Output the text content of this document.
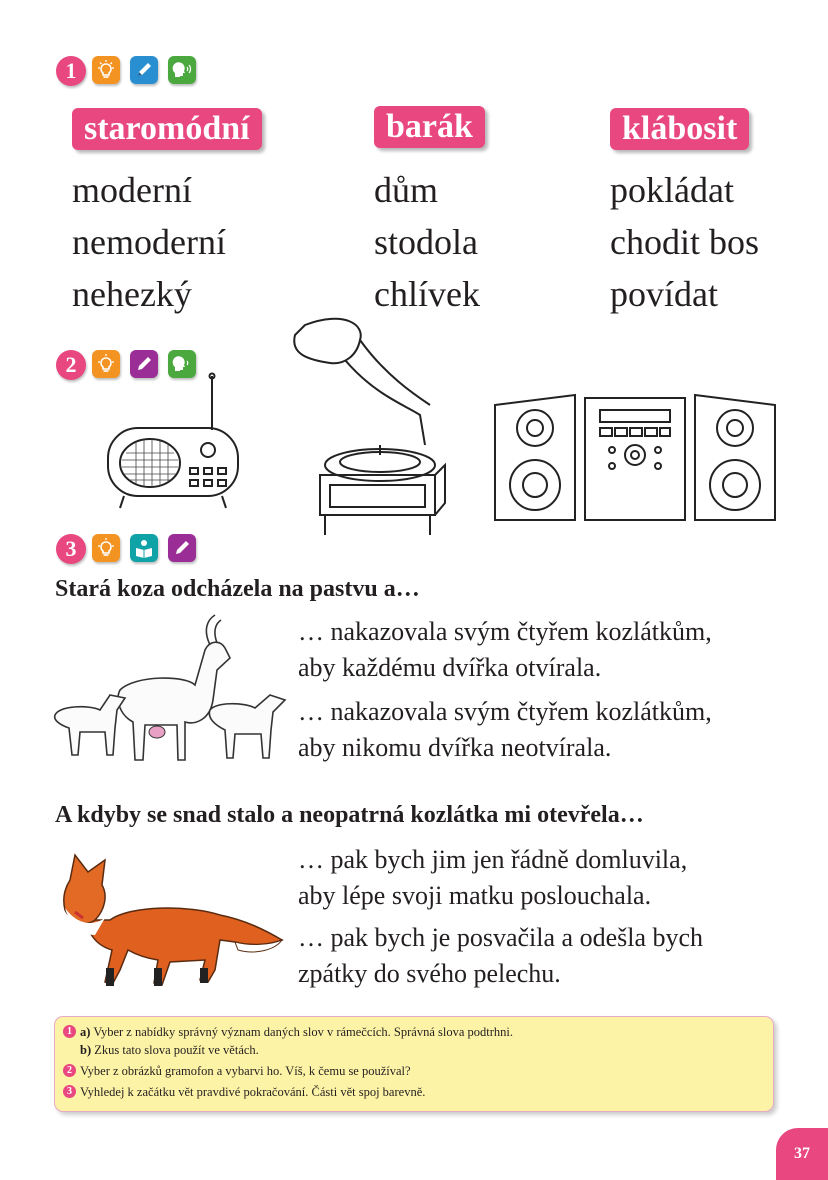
1
staromódní	barák	klábosit
moderní
nemoderní
nehezký
dům
stodola
chlívek
pokládat
chodit bos
povídat
2
3
Stará koza odcházela na pastvu a…
… nakazovala svým čtyřem kozlátkům,
aby každému dvířka otvírala.
… nakazovala svým čtyřem kozlátkům,
aby nikomu dvířka neotvírala.
A kdyby se snad stalo a neopatrná kozlátka mi otevřela…
… pak bych jim jen řádně domluvila,
aby lépe svoji matku poslouchala.
… pak bych je posvačila a odešla bych
zpátky do svého pelechu.
1 a) Vyber z nabídky správný význam daných slov v rámečcích. Správná slova podtrhni.
b) Zkus tato slova použít ve větách.
2 Vyber z obrázků gramofon a vybarvi ho. Víš, k čemu se používal?
3 Vyhledej k začátku vět pravdivé pokračování. Části vět spoj barevně.
37
